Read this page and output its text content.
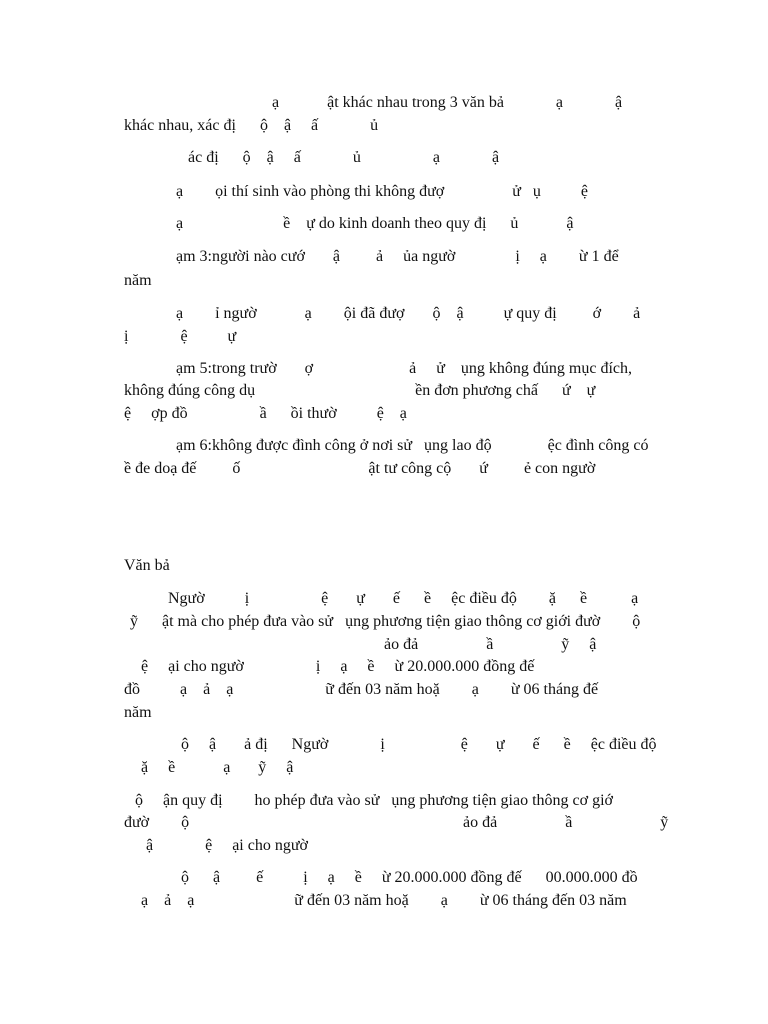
ạ            ật khác nhau trong 3 văn bả             ạ             ậ

khác nhau, xác đị      ộ    ậ     ấ             ủ

ác đị      ộ    ậ     ấ             ủ                  ạ             ậ

ạ        ọi thí sinh vào phòng thi không đượ                 ử   ụ          ệ

ạ                         ề    ự do kinh doanh theo quy đị      ủ            ậ

ạm 3:người nào cướ       ậ         ả     ủa ngườ               ị     ạ        ừ 1 để

năm

ạ        ỉ ngườ            ạ        ội đã đượ       ộ    ậ          ự quy đị         ớ        ả

ị             ệ          ự

ạm 5:trong trườ       ợ                        ả     ử    ụng không đúng mục đích,

không đúng công dụ                                        ền đơn phương chấ      ứ    ự

ệ     ợp đồ                  ầ      ồi thườ          ệ    ạ

ạm 6:không được đình công ở nơi sử   ụng lao độ              ệc đình công có

ề đe doạ đế         ố                                ật tư công cộ       ứ         ẻ con ngườ

Văn bả

Ngườ          ị                  ệ       ự       ế      ề     ệc điều độ        ặ      ề           ạ

ỹ      ật mà cho phép đưa vào sử   ụng phương tiện giao thông cơ giới đườ        ộ

ảo đả                 ầ                 ỹ     ậ

ệ     ại cho ngườ                  ị     ạ     ề     ừ 20.000.000 đồng đế

đồ          ạ    ả    ạ                       ữ đến 03 năm hoặ        ạ        ừ 06 tháng đế

năm

ộ     ậ       ả đị      Ngườ             ị                   ệ       ự       ế      ề     ệc điều độ

ặ     ề            ạ       ỹ     ậ

ộ     ận quy đị        ho phép đưa vào sử   ụng phương tiện giao thông cơ giớ

đườ        ộ	ảo đả                 ầ                      ỹ

ậ             ệ     ại cho ngườ

ộ      ậ         ế          ị     ạ     ề     ừ 20.000.000 đồng đế      00.000.000 đồ

ạ    ả    ạ                         ữ đến 03 năm hoặ        ạ        ừ 06 tháng đến 03 năm
